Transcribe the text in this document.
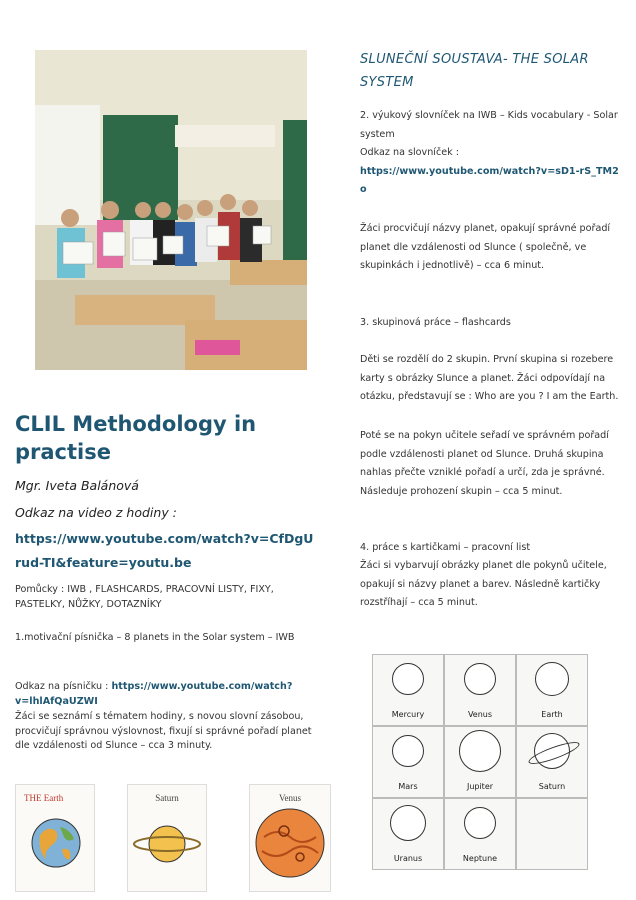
CLIL Methodology in practise
Mgr. Iveta Balánová
Odkaz na video z hodiny :
https://www.youtube.com/watch?v=CfDgUrud-TI&feature=youtu.be
Pomůcky : IWB , FLASHCARDS, PRACOVNÍ LISTY, FIXY, PASTELKY, NŮŽKY, DOTAZNÍKY
1.motivační písnička – 8 planets in the Solar system – IWB
Odkaz na písničku : https://www.youtube.com/watch?v=lhlAfQaUZWI
Žáci se seznámí s tématem hodiny, s novou slovní zásobou, procvičují správnou výslovnost, fixují si správné pořadí planet dle vzdálenosti od Slunce – cca 3 minuty.
THE Earth	Saturn	Venus
SLUNEČNÍ SOUSTAVA- THE SOLAR SYSTEM

2. výukový slovníček na IWB – Kids vocabulary - Solar system

Odkaz na slovníček :

https://www.youtube.com/watch?v=sD1-rS_TM2o

Žáci procvičují názvy planet, opakují správné pořadí planet dle vzdálenosti od Slunce ( společně, ve skupinkách i jednotlivě) – cca 6 minut.
3. skupinová práce – flashcards
Děti se rozdělí do 2 skupin. První skupina si rozebere karty s obrázky Slunce a planet. Žáci odpovídají na otázku, představují se : Who are you ? I am the Earth.
Poté se na pokyn učitele seřadí ve správném pořadí podle vzdálenosti planet od Slunce. Druhá skupina nahlas přečte vzniklé pořadí a určí, zda je správné. Následuje prohození skupin – cca 5 minut.
4. práce s kartičkami – pracovní list
Žáci si vybarvují obrázky planet dle pokynů učitele, opakují si názvy planet a barev. Následně kartičky rozstříhají – cca 5 minut.
Mercury	Venus	Earth
Mars	Jupiter	Saturn
Uranus	Neptune
